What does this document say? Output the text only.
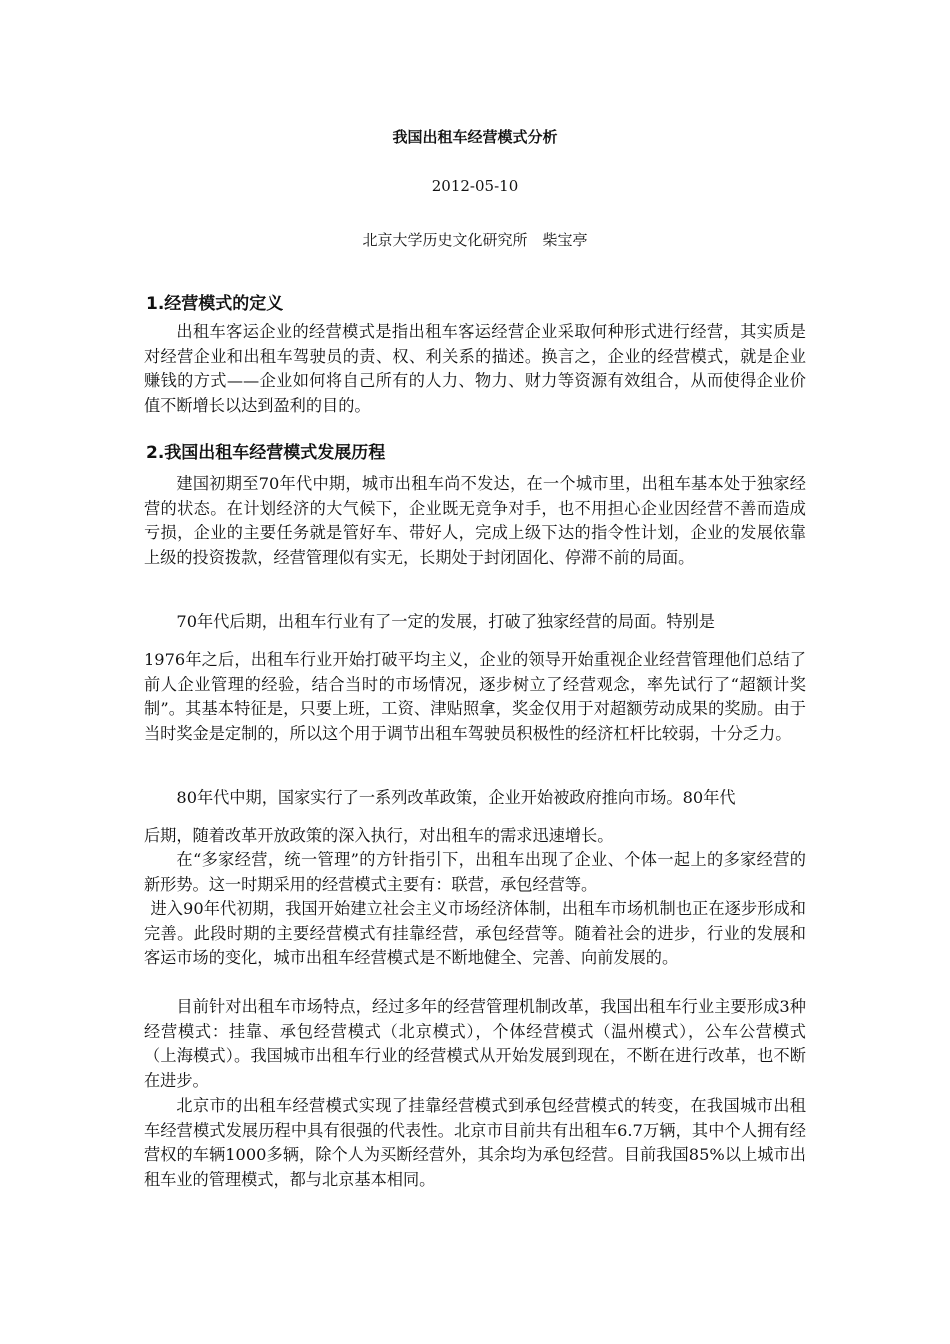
我国出租车经营模式分析
2012-05-10
北京大学历史文化研究所　柴宝亭
1.经营模式的定义

出租车客运企业的经营模式是指出租车客运经营企业采取何种形式进行经营，其实质是对经营企业和出租车驾驶员的责、权、利关系的描述。换言之，企业的经营模式，就是企业赚钱的方式——企业如何将自己所有的人力、物力、财力等资源有效组合，从而使得企业价值不断增长以达到盈利的目的。

2.我国出租车经营模式发展历程

建国初期至70年代中期，城市出租车尚不发达，在一个城市里，出租车基本处于独家经营的状态。在计划经济的大气候下，企业既无竞争对手，也不用担心企业因经营不善而造成亏损，企业的主要任务就是管好车、带好人，完成上级下达的指令性计划，企业的发展依靠上级的投资拨款，经营管理似有实无，长期处于封闭固化、停滞不前的局面。

70年代后期，出租车行业有了一定的发展，打破了独家经营的局面。特别是

1976年之后，出租车行业开始打破平均主义，企业的领导开始重视企业经营管理他们总结了前人企业管理的经验，结合当时的市场情况，逐步树立了经营观念，率先试行了“超额计奖制”。其基本特征是，只要上班，工资、津贴照拿，奖金仅用于对超额劳动成果的奖励。由于当时奖金是定制的，所以这个用于调节出租车驾驶员积极性的经济杠杆比较弱，十分乏力。

80年代中期，国家实行了一系列改革政策，企业开始被政府推向市场。80年代
后期，随着改革开放政策的深入执行，对出租车的需求迅速增长。

在“多家经营，统一管理”的方针指引下，出租车出现了企业、个体一起上的多家经营的新形势。这一时期采用的经营模式主要有：联营，承包经营等。

进入90年代初期，我国开始建立社会主义市场经济体制，出租车市场机制也正在逐步形成和完善。此段时期的主要经营模式有挂靠经营，承包经营等。随着社会的进步，行业的发展和客运市场的变化，城市出租车经营模式是不断地健全、完善、向前发展的。

目前针对出租车市场特点，经过多年的经营管理机制改革，我国出租车行业主要形成3种经营模式：挂靠、承包经营模式（北京模式），个体经营模式（温州模式），公车公营模式（上海模式）。我国城市出租车行业的经营模式从开始发展到现在，不断在进行改革，也不断在进步。

北京市的出租车经营模式实现了挂靠经营模式到承包经营模式的转变，在我国城市出租车经营模式发展历程中具有很强的代表性。北京市目前共有出租车6.7万辆，其中个人拥有经营权的车辆1000多辆，除个人为买断经营外，其余均为承包经营。目前我国85%以上城市出租车业的管理模式，都与北京基本相同。
